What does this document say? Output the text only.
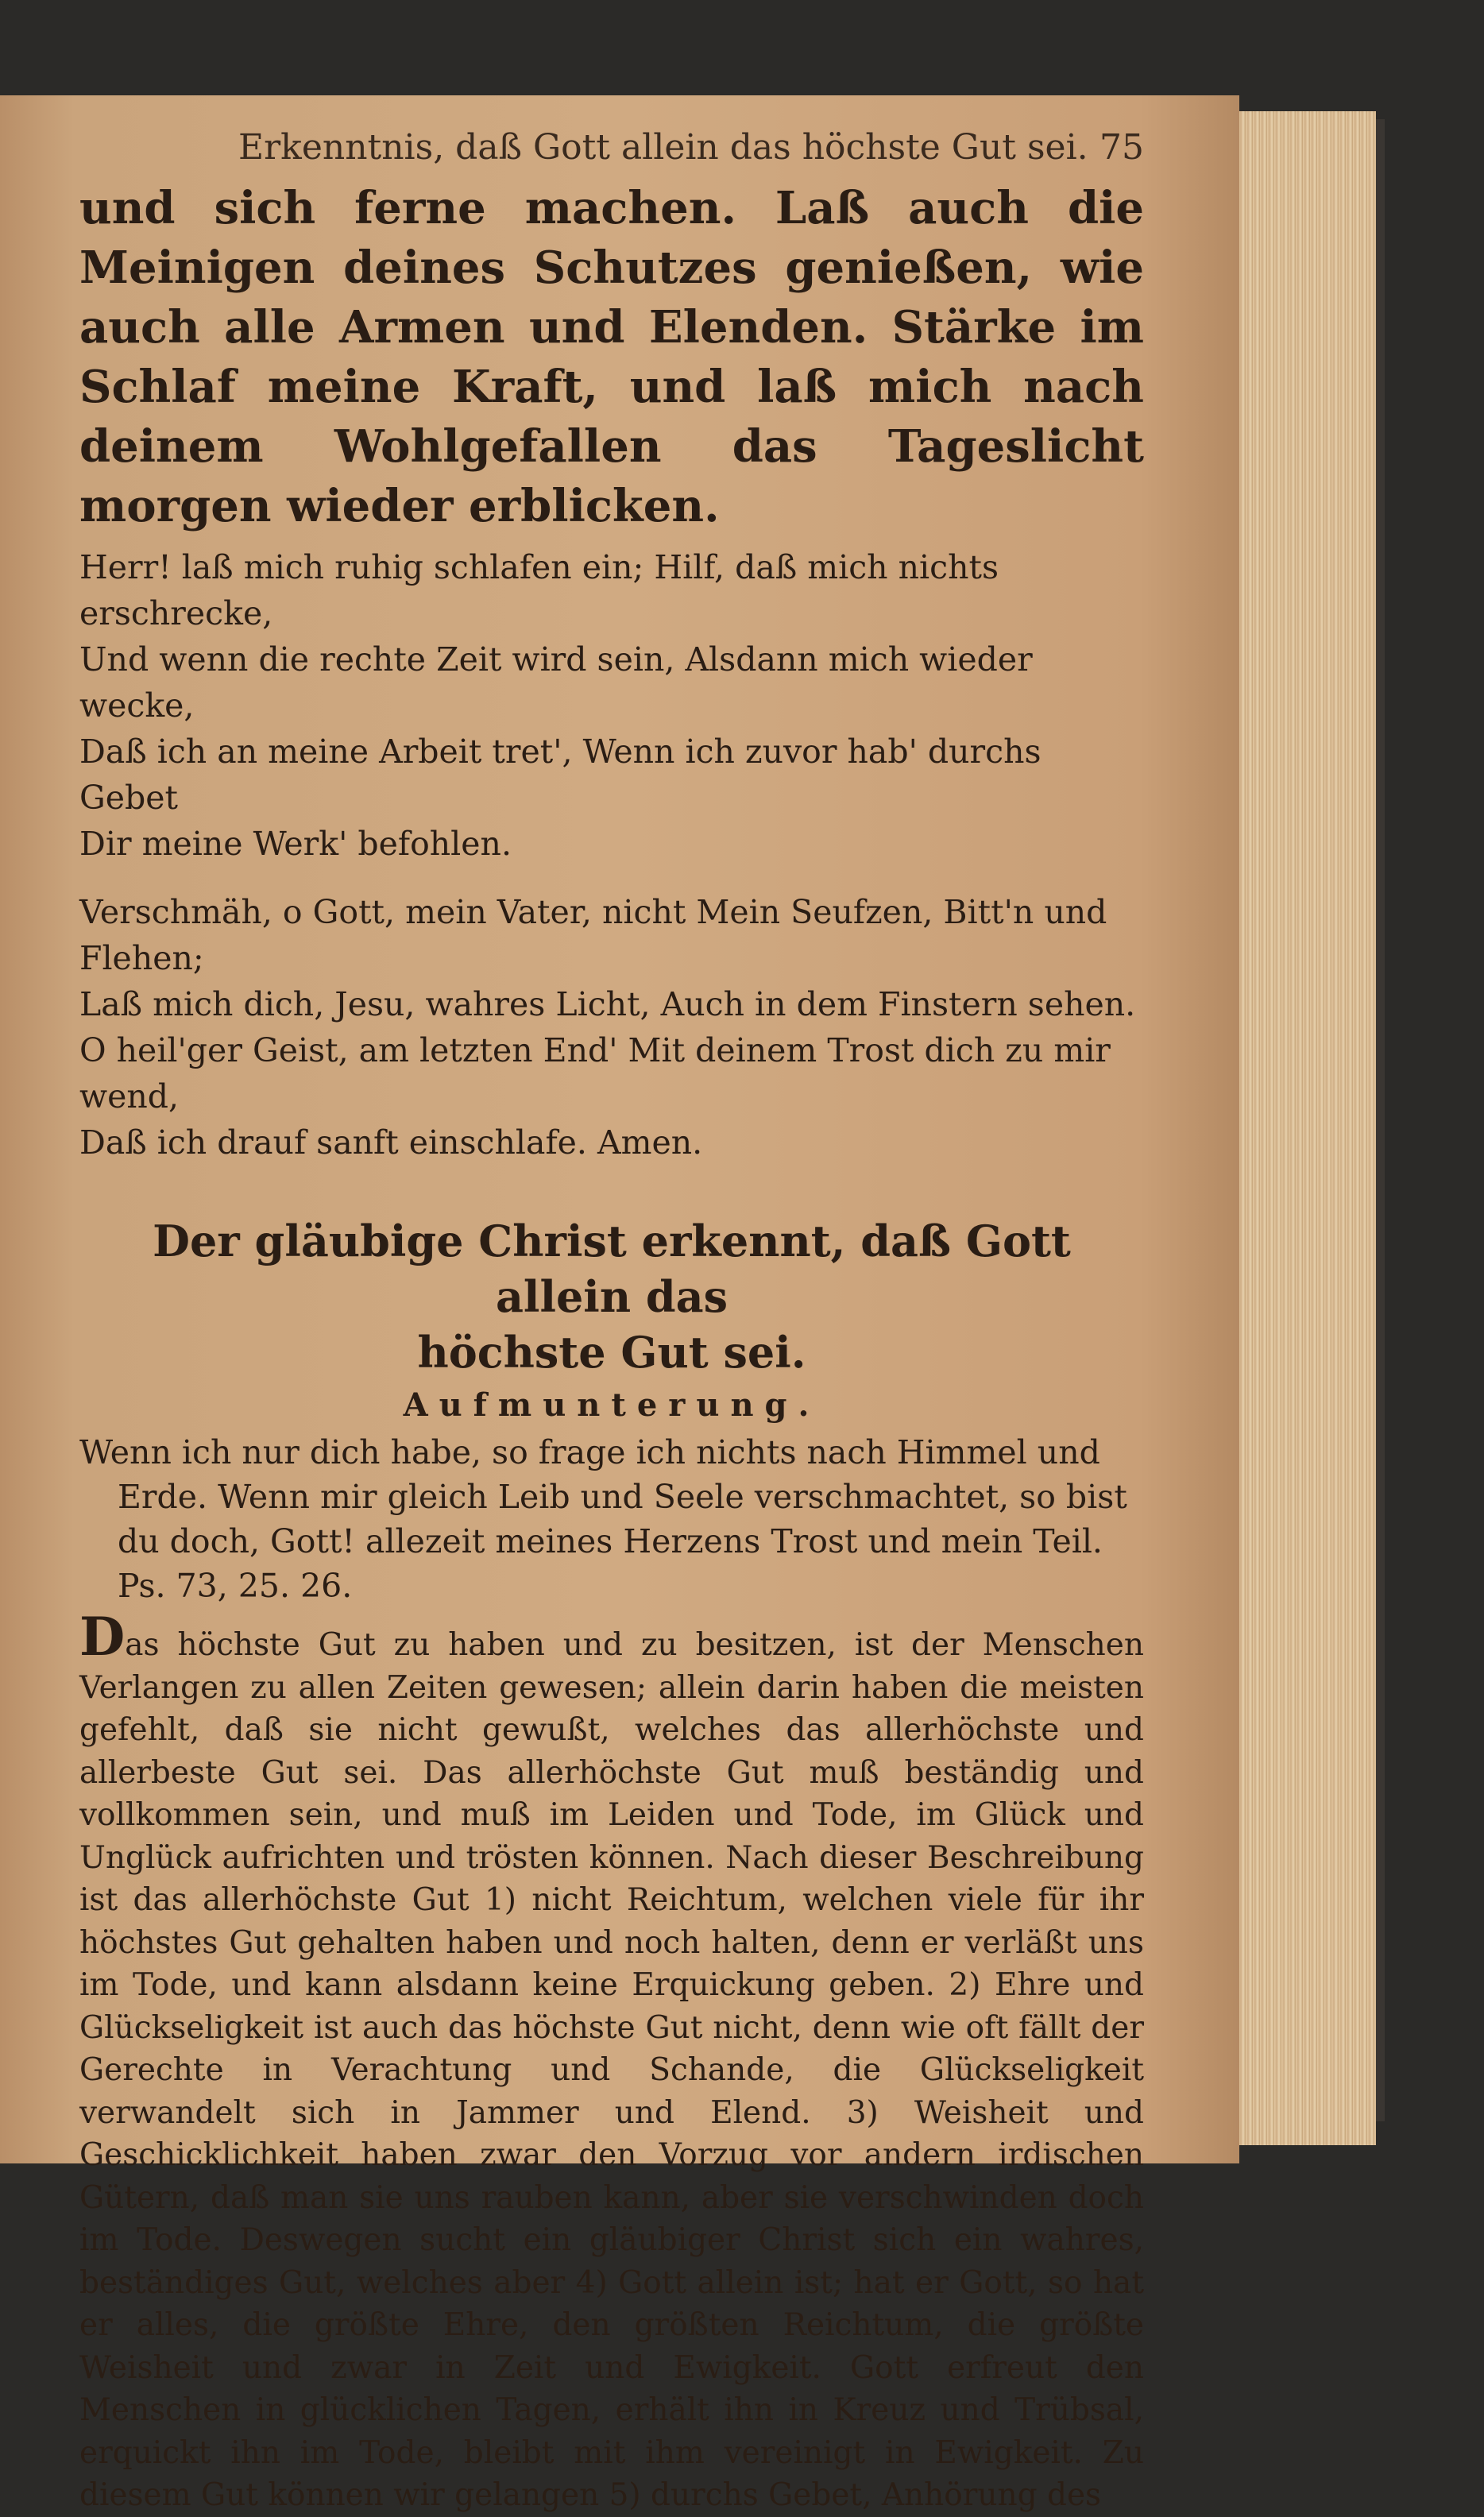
Erkenntnis, daß Gott allein das höchste Gut sei. 75

und sich ferne machen. Laß auch die Meinigen deines Schutzes genießen, wie auch alle Armen und Elenden. Stärke im Schlaf meine Kraft, und laß mich nach deinem Wohlgefallen das Tageslicht morgen wieder erblicken.

Herr! laß mich ruhig schlafen ein; Hilf, daß mich nichts erschrecke,

Und wenn die rechte Zeit wird sein, Alsdann mich wieder wecke,

Daß ich an meine Arbeit tret', Wenn ich zuvor hab' durchs Gebet

Dir meine Werk' befohlen.

Verschmäh, o Gott, mein Vater, nicht Mein Seufzen, Bitt'n und Flehen;

Laß mich dich, Jesu, wahres Licht, Auch in dem Finstern sehen.

O heil'ger Geist, am letzten End' Mit deinem Trost dich zu mir wend,

Daß ich drauf sanft einschlafe. Amen.

Der gläubige Christ erkennt, daß Gott allein das
höchste Gut sei.
Aufmunterung.

Wenn ich nur dich habe, so frage ich nichts nach Himmel und Erde. Wenn mir gleich Leib und Seele verschmachtet, so bist du doch, Gott! allezeit meines Herzens Trost und mein Teil. Ps. 73, 25. 26.

Das höchste Gut zu haben und zu besitzen, ist der Menschen Verlangen zu allen Zeiten gewesen; allein darin haben die meisten gefehlt, daß sie nicht gewußt, welches das allerhöchste und allerbeste Gut sei. Das allerhöchste Gut muß beständig und vollkommen sein, und muß im Leiden und Tode, im Glück und Unglück aufrichten und trösten können. Nach dieser Beschreibung ist das allerhöchste Gut 1) nicht Reichtum, welchen viele für ihr höchstes Gut gehalten haben und noch halten, denn er verläßt uns im Tode, und kann alsdann keine Erquickung geben. 2) Ehre und Glückseligkeit ist auch das höchste Gut nicht, denn wie oft fällt der Gerechte in Verachtung und Schande, die Glückseligkeit verwandelt sich in Jammer und Elend. 3) Weisheit und Geschicklichkeit haben zwar den Vorzug vor andern irdischen Gütern, daß man sie uns rauben kann, aber sie verschwinden doch im Tode. Deswegen sucht ein gläubiger Christ sich ein wahres, beständiges Gut, welches aber 4) Gott allein ist; hat er Gott, so hat er alles, die größte Ehre, den größten Reichtum, die größte Weisheit und zwar in Zeit und Ewigkeit. Gott erfreut den Menschen in glücklichen Tagen, erhält ihn in Kreuz und Trübsal, erquickt ihn im Tode, bleibt mit ihm vereinigt in Ewigkeit. Zu diesem Gut können wir gelangen 5) durchs Gebet, Anhörung des
